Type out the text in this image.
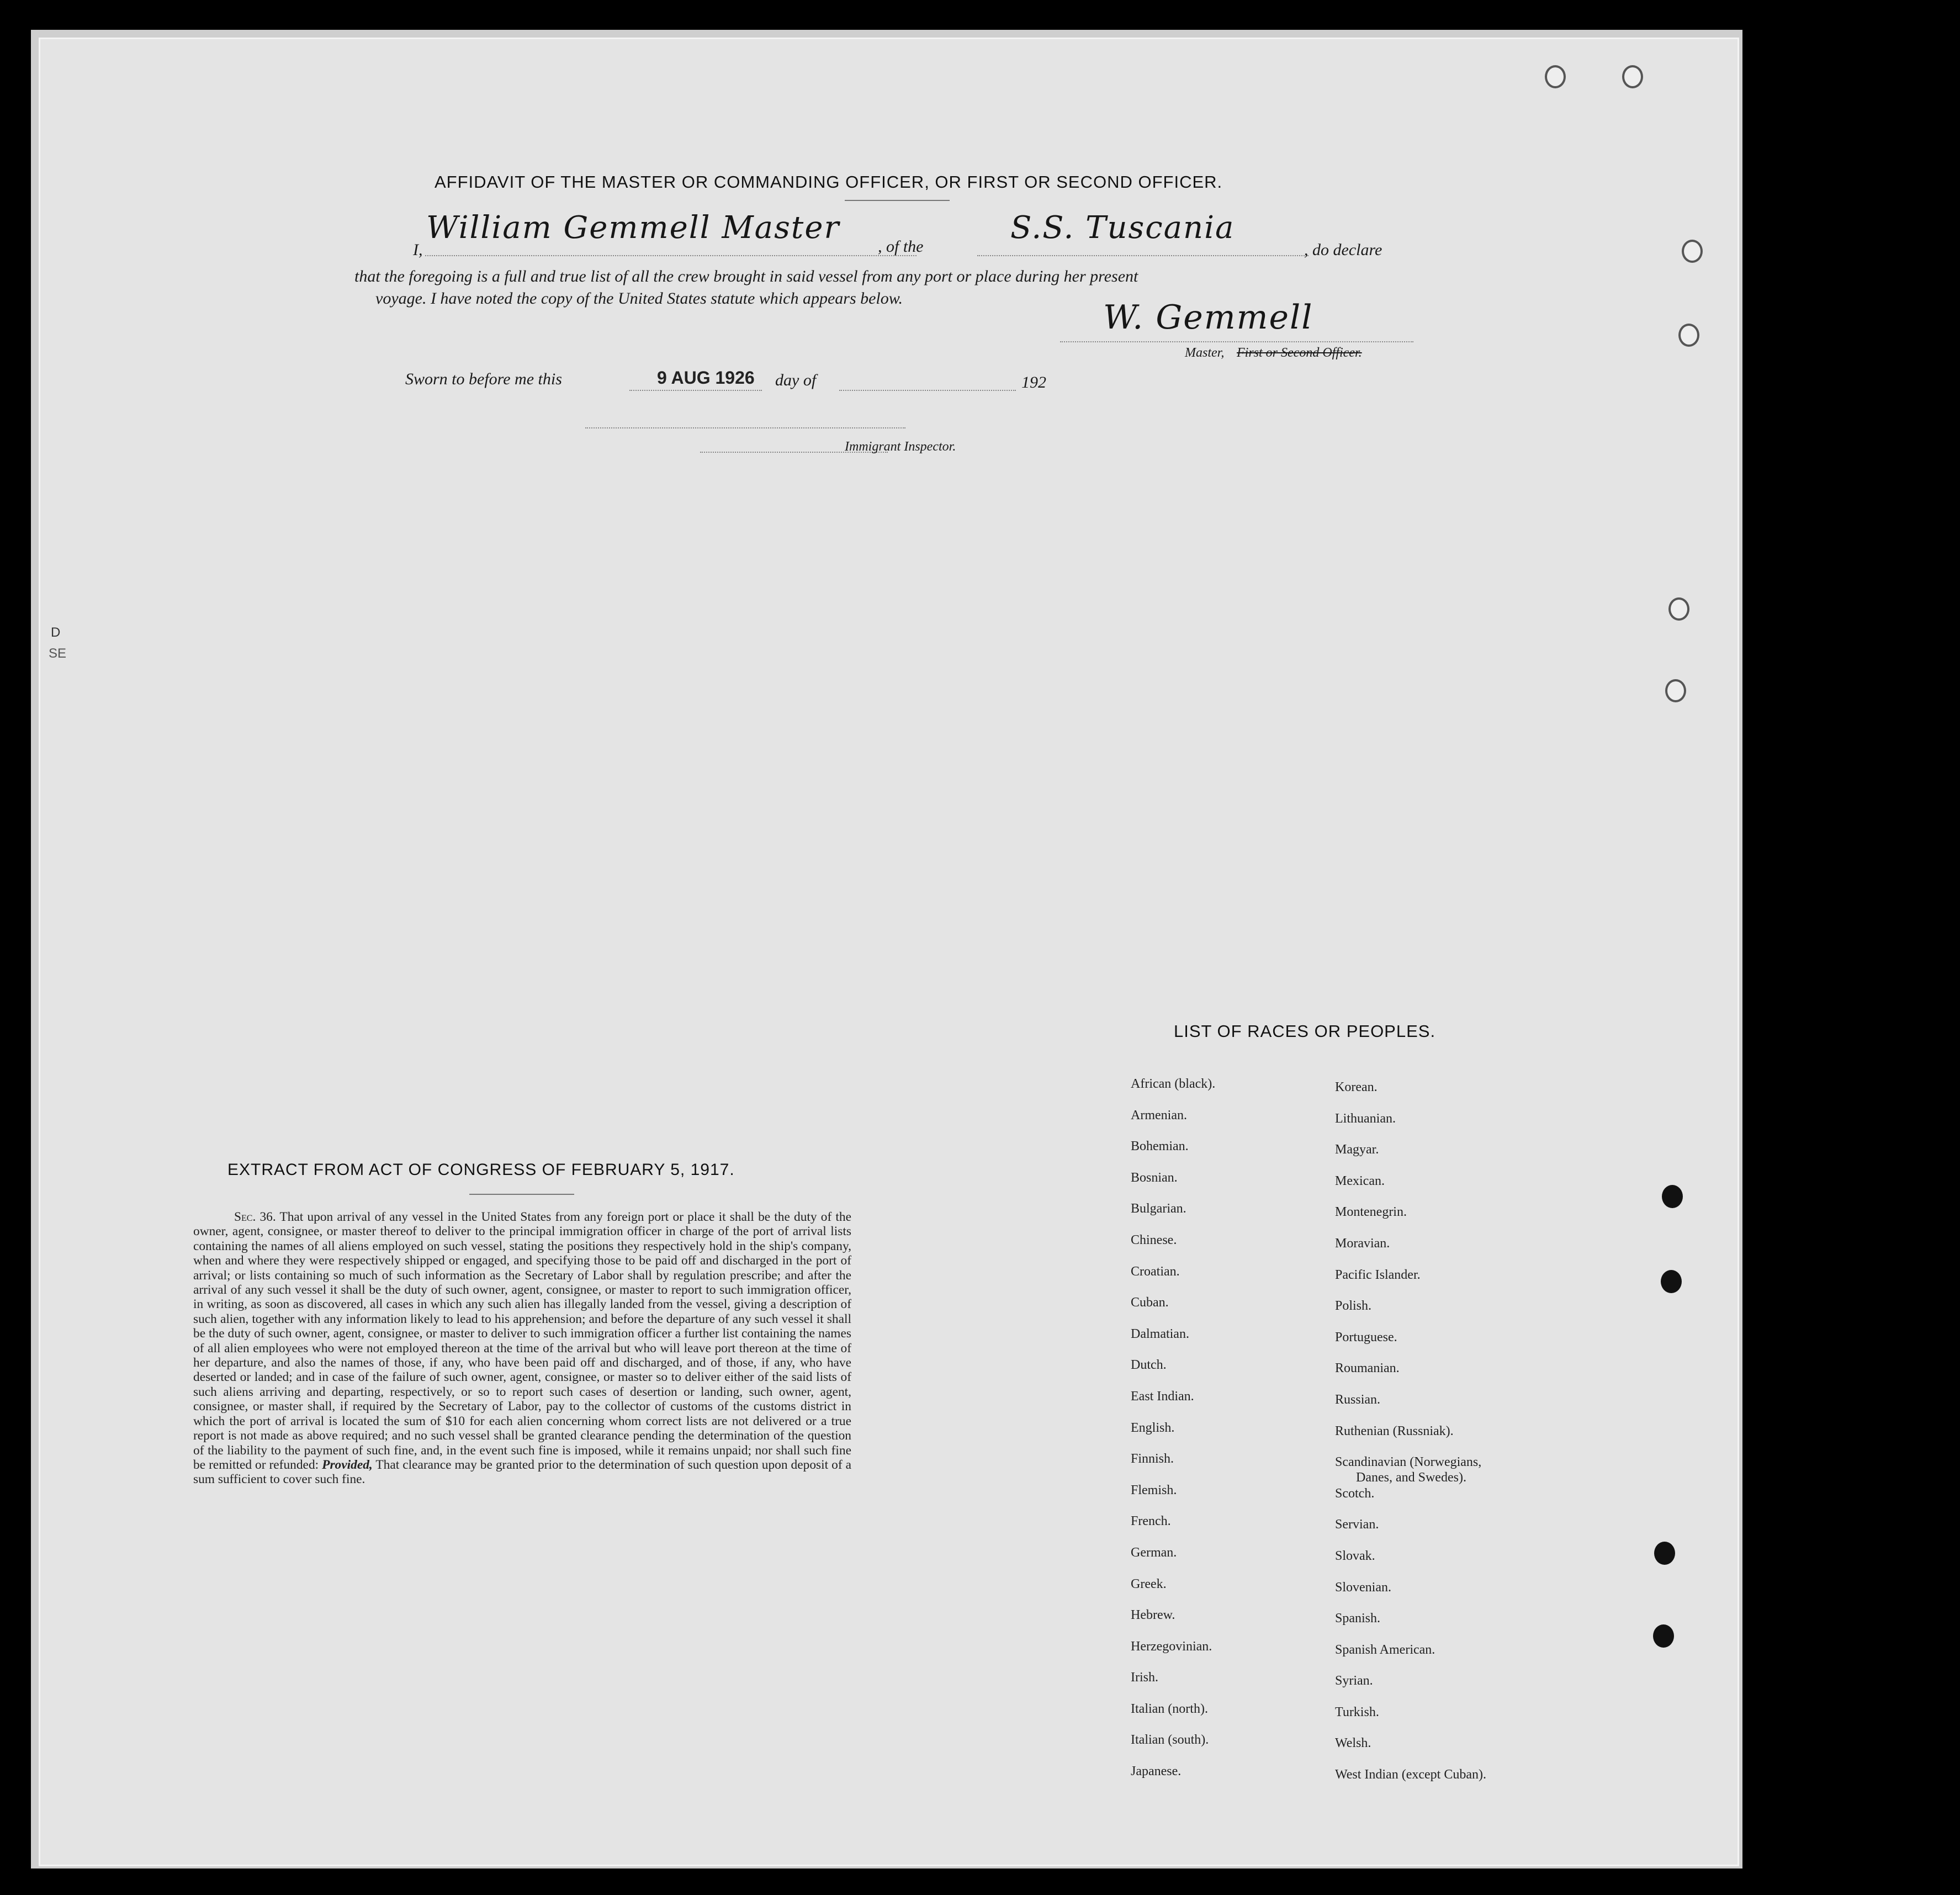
D
SE
AFFIDAVIT OF THE MASTER OR COMMANDING OFFICER, OR FIRST OR SECOND OFFICER.
I,
William Gemmell Master
, of the
S.S. Tuscania
, do declare
that the foregoing is a full and true list of all the crew brought in said vessel from any port or place during her present
voyage. I have noted the copy of the United States statute which appears below.	W. Gemmell
Master, First or Second Officer.
Sworn to before me this	9 AUG 1926 day of	192
Immigrant Inspector.
EXTRACT FROM ACT OF CONGRESS OF FEBRUARY 5, 1917.
Sec. 36. That upon arrival of any vessel in the United States from any foreign port or place it shall be the duty of the owner, agent, consignee, or master thereof to deliver to the principal immigration officer in charge of the port of arrival lists containing the names of all aliens employed on such vessel, stating the positions they respectively hold in the ship's company, when and where they were respectively shipped or engaged, and specifying those to be paid off and discharged in the port of arrival; or lists containing so much of such information as the Secretary of Labor shall by regulation prescribe; and after the arrival of any such vessel it shall be the duty of such owner, agent, consignee, or master to report to such immigration officer, in writing, as soon as discovered, all cases in which any such alien has illegally landed from the vessel, giving a description of such alien, together with any information likely to lead to his apprehension; and before the departure of any such vessel it shall be the duty of such owner, agent, consignee, or master to deliver to such immigration officer a further list containing the names of all alien employees who were not employed thereon at the time of the arrival but who will leave port thereon at the time of her departure, and also the names of those, if any, who have been paid off and discharged, and of those, if any, who have deserted or landed; and in case of the failure of such owner, agent, consignee, or master so to deliver either of the said lists of such aliens arriving and departing, respectively, or so to report such cases of desertion or landing, such owner, agent, consignee, or master shall, if required by the Secretary of Labor, pay to the collector of customs of the customs district in which the port of arrival is located the sum of $10 for each alien concerning whom correct lists are not delivered or a true report is not made as above required; and no such vessel shall be granted clearance pending the determination of the question of the liability to the payment of such fine, and, in the event such fine is imposed, while it remains unpaid; nor shall such fine be remitted or refunded: Provided, That clearance may be granted prior to the determination of such question upon deposit of a sum sufficient to cover such fine.
LIST OF RACES OR PEOPLES.
African (black).
Armenian.
Bohemian.
Bosnian.
Bulgarian.
Chinese.
Croatian.
Cuban.
Dalmatian.
Dutch.
East Indian.
English.
Finnish.
Flemish.
French.
German.
Greek.
Hebrew.
Herzegovinian.
Irish.
Italian (north).
Italian (south).
Japanese.
Korean.
Lithuanian.
Magyar.
Mexican.
Montenegrin.
Moravian.
Pacific Islander.
Polish.
Portuguese.
Roumanian.
Russian.
Ruthenian (Russniak).
Scandinavian (Norwegians,
Danes, and Swedes).
Scotch.
Servian.
Slovak.
Slovenian.
Spanish.
Spanish American.
Syrian.
Turkish.
Welsh.
West Indian (except Cuban).
